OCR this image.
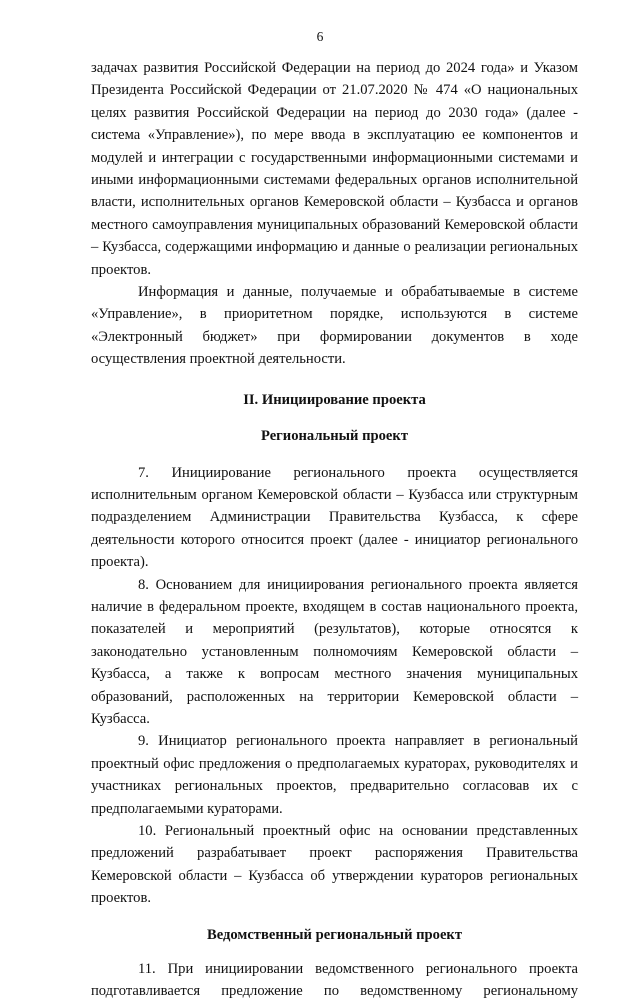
6

задачах развития Российской Федерации на период до 2024 года» и Указом Президента Российской Федерации от 21.07.2020 № 474 «О национальных целях развития Российской Федерации на период до 2030 года» (далее - система «Управление»), по мере ввода в эксплуатацию ее компонентов и модулей и интеграции с государственными информационными системами и иными информационными системами федеральных органов исполнительной власти, исполнительных органов Кемеровской области – Кузбасса и органов местного самоуправления муниципальных образований Кемеровской области – Кузбасса, содержащими информацию и данные о реализации региональных проектов.

Информация и данные, получаемые и обрабатываемые в системе «Управление», в приоритетном порядке, используются в системе «Электронный бюджет» при формировании документов в ходе осуществления проектной деятельности.

II. Инициирование проекта

Региональный проект

7. Инициирование регионального проекта осуществляется исполнительным органом Кемеровской области – Кузбасса или структурным подразделением Администрации Правительства Кузбасса, к сфере деятельности которого относится проект (далее - инициатор регионального проекта).

8. Основанием для инициирования регионального проекта является наличие в федеральном проекте, входящем в состав национального проекта, показателей и мероприятий (результатов), которые относятся к законодательно установленным полномочиям Кемеровской области – Кузбасса, а также к вопросам местного значения муниципальных образований, расположенных на территории Кемеровской области – Кузбасса.

9. Инициатор регионального проекта направляет в региональный проектный офис предложения о предполагаемых кураторах, руководителях и участниках региональных проектов, предварительно согласовав их с предполагаемыми кураторами.

10. Региональный проектный офис на основании представленных предложений разрабатывает проект распоряжения Правительства Кемеровской области – Кузбасса об утверждении кураторов региональных проектов.

Ведомственный региональный проект

11. При инициировании ведомственного регионального проекта подготавливается предложение по ведомственному региональному
